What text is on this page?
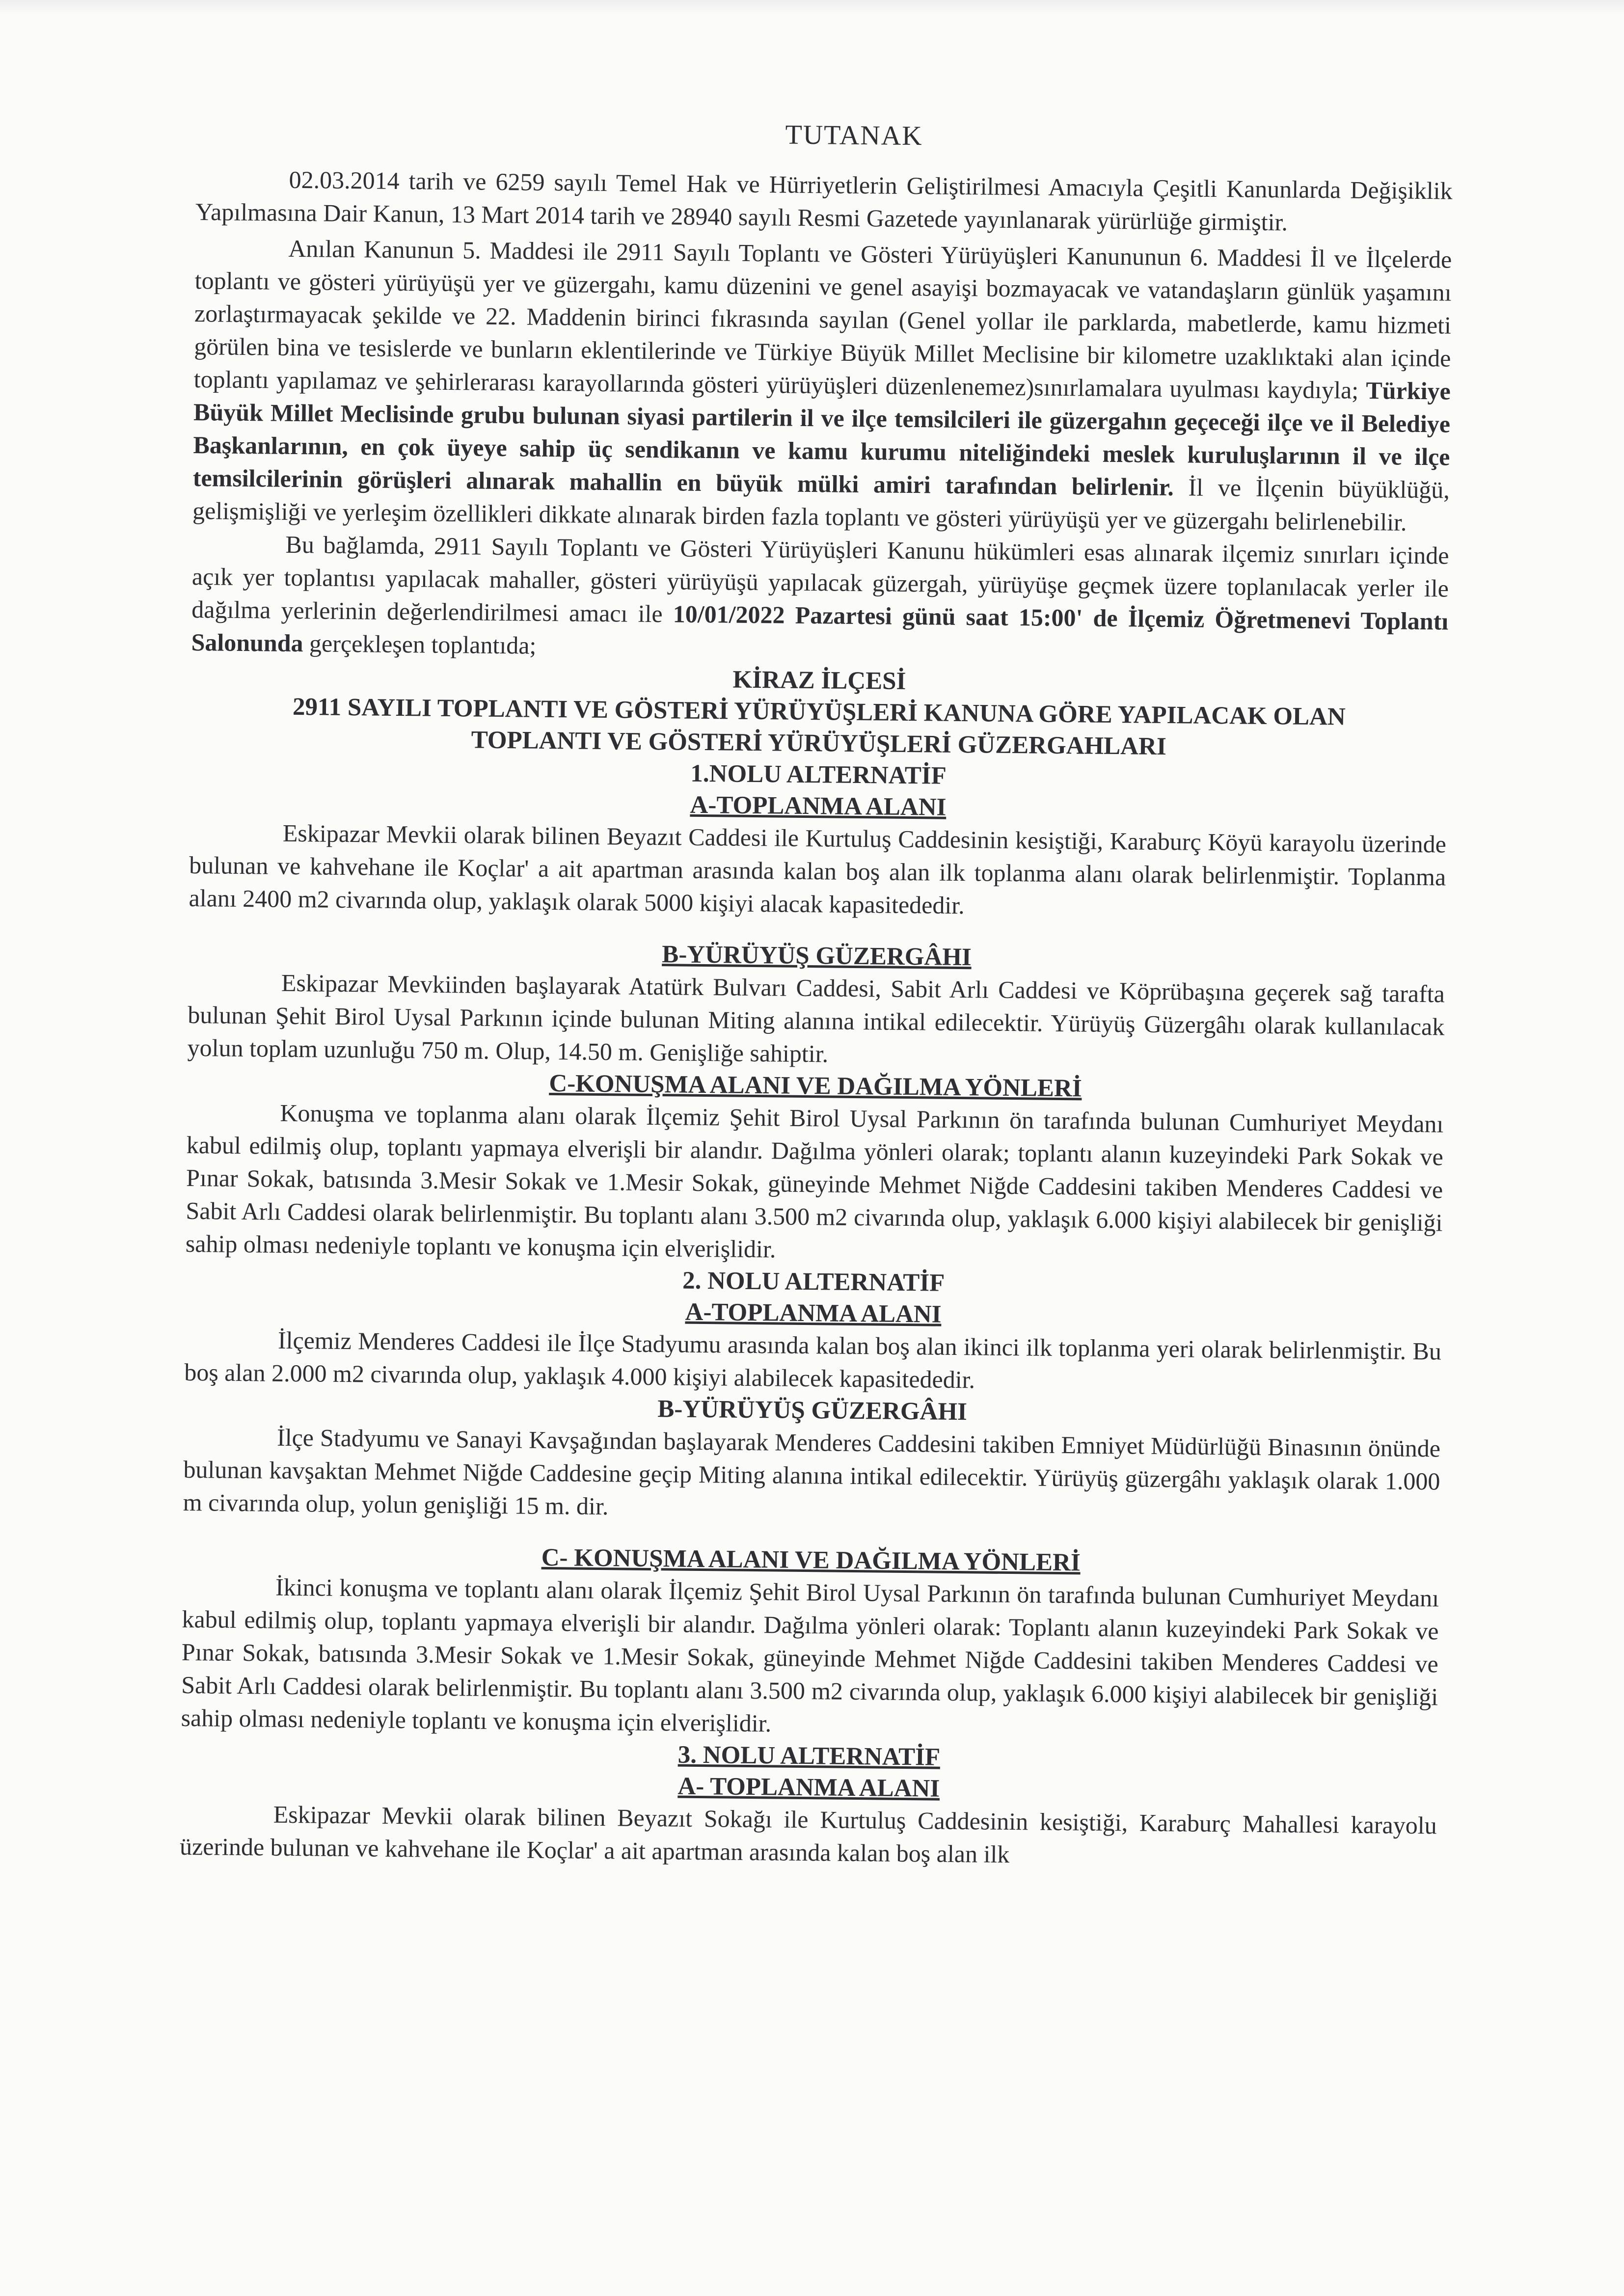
TUTANAK

02.03.2014 tarih ve 6259 sayılı Temel Hak ve Hürriyetlerin Geliştirilmesi Amacıyla Çeşitli Kanunlarda Değişiklik Yapılmasına Dair Kanun, 13 Mart 2014 tarih ve 28940 sayılı Resmi Gazetede yayınlanarak yürürlüğe girmiştir.

Anılan Kanunun 5. Maddesi ile 2911 Sayılı Toplantı ve Gösteri Yürüyüşleri Kanununun 6. Maddesi İl ve İlçelerde toplantı ve gösteri yürüyüşü yer ve güzergahı, kamu düzenini ve genel asayişi bozmayacak ve vatandaşların günlük yaşamını zorlaştırmayacak şekilde ve 22. Maddenin birinci fıkrasında sayılan (Genel yollar ile parklarda, mabetlerde, kamu hizmeti görülen bina ve tesislerde ve bunların eklentilerinde ve Türkiye Büyük Millet Meclisine bir kilometre uzaklıktaki alan içinde toplantı yapılamaz ve şehirlerarası karayollarında gösteri yürüyüşleri düzenlenemez)sınırlamalara uyulması kaydıyla; Türkiye Büyük Millet Meclisinde grubu bulunan siyasi partilerin il ve ilçe temsilcileri ile güzergahın geçeceği ilçe ve il Belediye Başkanlarının, en çok üyeye sahip üç sendikanın ve kamu kurumu niteliğindeki meslek kuruluşlarının il ve ilçe temsilcilerinin görüşleri alınarak mahallin en büyük mülki amiri tarafından belirlenir. İl ve İlçenin büyüklüğü, gelişmişliği ve yerleşim özellikleri dikkate alınarak birden fazla toplantı ve gösteri yürüyüşü yer ve güzergahı belirlenebilir.

Bu bağlamda, 2911 Sayılı Toplantı ve Gösteri Yürüyüşleri Kanunu hükümleri esas alınarak ilçemiz sınırları içinde açık yer toplantısı yapılacak mahaller, gösteri yürüyüşü yapılacak güzergah, yürüyüşe geçmek üzere toplanılacak yerler ile dağılma yerlerinin değerlendirilmesi amacı ile 10/01/2022 Pazartesi günü saat 15:00' de İlçemiz Öğretmenevi Toplantı Salonunda gerçekleşen toplantıda;

KİRAZ İLÇESİ
2911 SAYILI TOPLANTI VE GÖSTERİ YÜRÜYÜŞLERİ KANUNA GÖRE YAPILACAK OLAN
TOPLANTI VE GÖSTERİ YÜRÜYÜŞLERİ GÜZERGAHLARI
1.NOLU ALTERNATİF
A-TOPLANMA ALANI

Eskipazar Mevkii olarak bilinen Beyazıt Caddesi ile Kurtuluş Caddesinin kesiştiği, Karaburç Köyü karayolu üzerinde bulunan ve kahvehane ile Koçlar' a ait apartman arasında kalan boş alan ilk toplanma alanı olarak belirlenmiştir. Toplanma alanı 2400 m2 civarında olup, yaklaşık olarak 5000 kişiyi alacak kapasitededir.

B-YÜRÜYÜŞ GÜZERGÂHI

Eskipazar Mevkiinden başlayarak Atatürk Bulvarı Caddesi, Sabit Arlı Caddesi ve Köprübaşına geçerek sağ tarafta bulunan Şehit Birol Uysal Parkının içinde bulunan Miting alanına intikal edilecektir. Yürüyüş Güzergâhı olarak kullanılacak yolun toplam uzunluğu 750 m. Olup, 14.50 m. Genişliğe sahiptir.

C-KONUŞMA ALANI VE DAĞILMA YÖNLERİ

Konuşma ve toplanma alanı olarak İlçemiz Şehit Birol Uysal Parkının ön tarafında bulunan Cumhuriyet Meydanı kabul edilmiş olup, toplantı yapmaya elverişli bir alandır. Dağılma yönleri olarak; toplantı alanın kuzeyindeki Park Sokak ve Pınar Sokak, batısında 3.Mesir Sokak ve 1.Mesir Sokak, güneyinde Mehmet Niğde Caddesini takiben Menderes Caddesi ve Sabit Arlı Caddesi olarak belirlenmiştir. Bu toplantı alanı 3.500 m2 civarında olup, yaklaşık 6.000 kişiyi alabilecek bir genişliği sahip olması nedeniyle toplantı ve konuşma için elverişlidir.

2. NOLU ALTERNATİF
A-TOPLANMA ALANI

İlçemiz Menderes Caddesi ile İlçe Stadyumu arasında kalan boş alan ikinci ilk toplanma yeri olarak belirlenmiştir. Bu boş alan 2.000 m2 civarında olup, yaklaşık 4.000 kişiyi alabilecek kapasitededir.

B-YÜRÜYÜŞ GÜZERGÂHI

İlçe Stadyumu ve Sanayi Kavşağından başlayarak Menderes Caddesini takiben Emniyet Müdürlüğü Binasının önünde bulunan kavşaktan Mehmet Niğde Caddesine geçip Miting alanına intikal edilecektir. Yürüyüş güzergâhı yaklaşık olarak 1.000 m civarında olup, yolun genişliği 15 m. dir.

C- KONUŞMA ALANI VE DAĞILMA YÖNLERİ

İkinci konuşma ve toplantı alanı olarak İlçemiz Şehit Birol Uysal Parkının ön tarafında bulunan Cumhuriyet Meydanı kabul edilmiş olup, toplantı yapmaya elverişli bir alandır. Dağılma yönleri olarak: Toplantı alanın kuzeyindeki Park Sokak ve Pınar Sokak, batısında 3.Mesir Sokak ve 1.Mesir Sokak, güneyinde Mehmet Niğde Caddesini takiben Menderes Caddesi ve Sabit Arlı Caddesi olarak belirlenmiştir. Bu toplantı alanı 3.500 m2 civarında olup, yaklaşık 6.000 kişiyi alabilecek bir genişliği sahip olması nedeniyle toplantı ve konuşma için elverişlidir.

3. NOLU ALTERNATİF
A- TOPLANMA ALANI

Eskipazar Mevkii olarak bilinen Beyazıt Sokağı ile Kurtuluş Caddesinin kesiştiği, Karaburç Mahallesi karayolu üzerinde bulunan ve kahvehane ile Koçlar' a ait apartman arasında kalan boş alan ilk
